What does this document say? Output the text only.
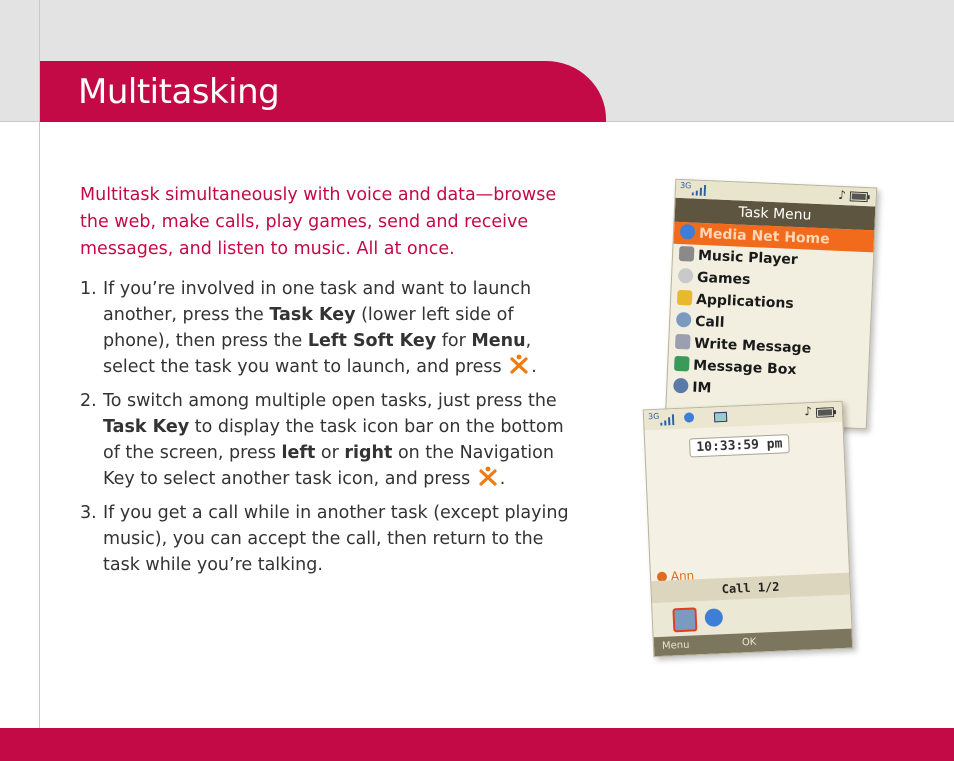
Multitasking

Multitask simultaneously with voice and data—browse the web, make calls, play games, send and receive messages, and listen to music. All at once.

1. If you’re involved in one task and want to launch another, press the Task Key (lower left side of phone), then press the Left Soft Key for Menu, select the task you want to launch, and press .
2. To switch among multiple open tasks, just press the Task Key to display the task icon bar on the bottom of the screen, press left or right on the Navigation Key to select another task icon, and press .
3. If you get a call while in another task (except playing music), you can accept the call, then return to the task while you’re talking.
3G
♪
Task Menu
Media Net Home
Music Player
Games
Applications
Call
Write Message
Message Box
IM
3G	♪
10:33:59 pm
Ann
Call 1/2
Menu	OK
